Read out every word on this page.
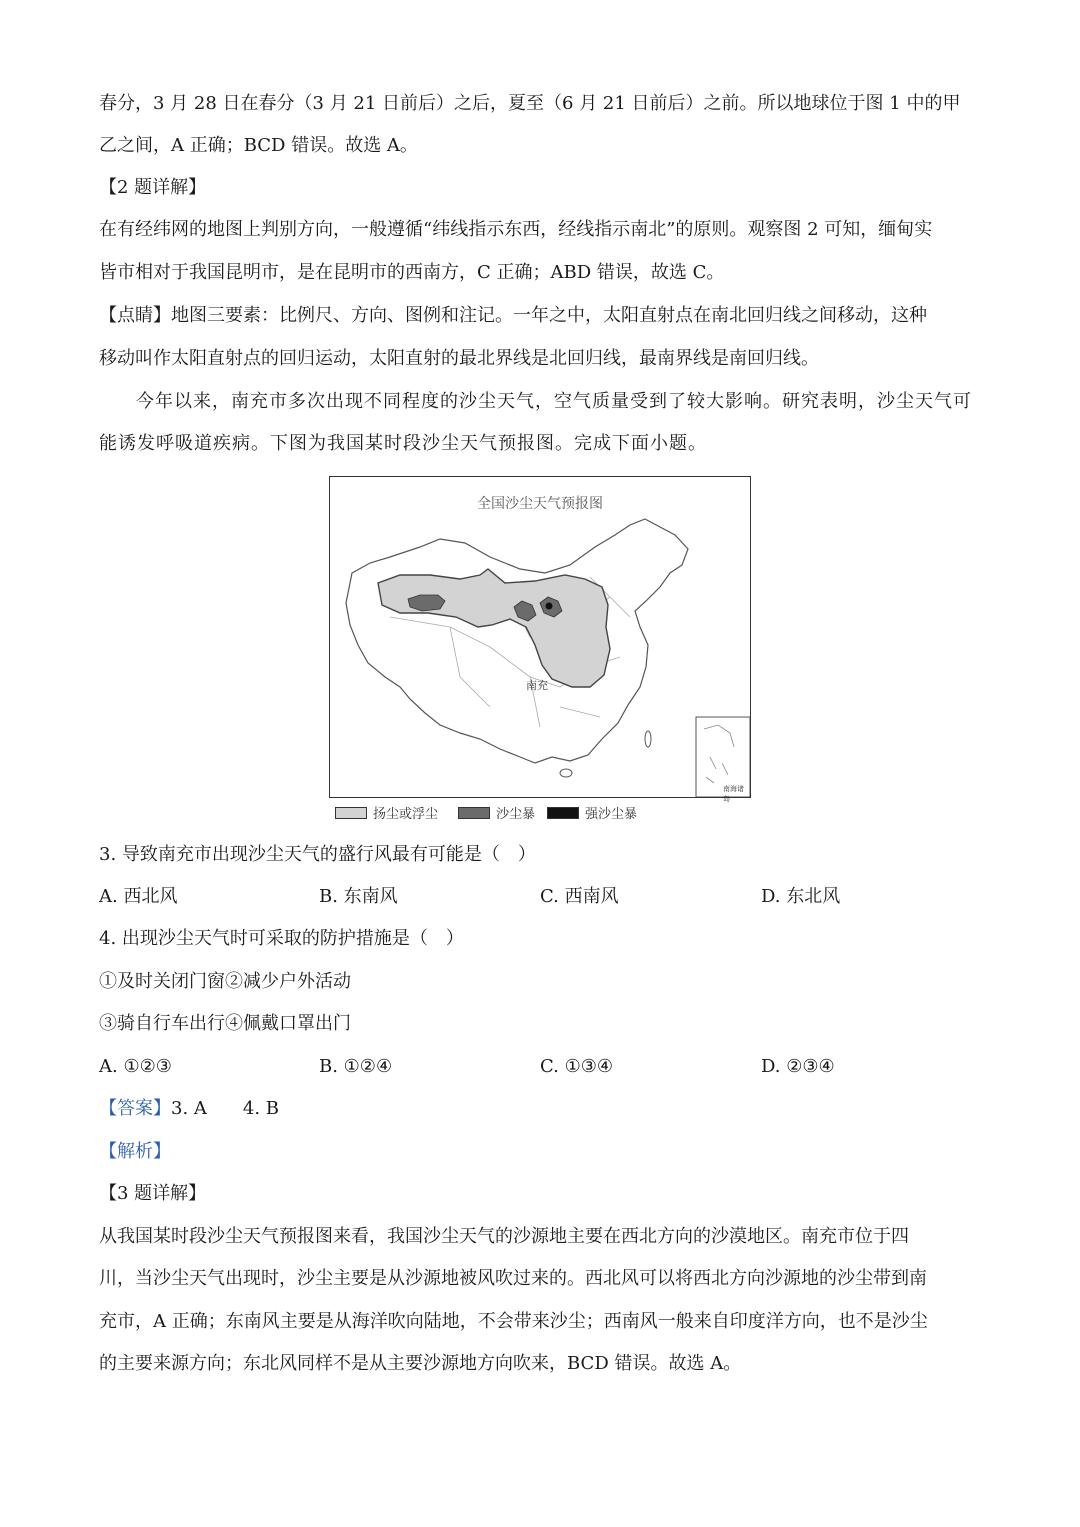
春分，3 月 28 日在春分（3 月 21 日前后）之后，夏至（6 月 21 日前后）之前。所以地球位于图 1 中的甲
乙之间，A 正确；BCD 错误。故选 A。
【2 题详解】
在有经纬网的地图上判别方向，一般遵循“纬线指示东西，经线指示南北”的原则。观察图 2 可知，缅甸实
皆市相对于我国昆明市，是在昆明市的西南方，C 正确；ABD 错误，故选 C。
【点睛】地图三要素：比例尺、方向、图例和注记。一年之中，太阳直射点在南北回归线之间移动，这种
移动叫作太阳直射点的回归运动，太阳直射的最北界线是北回归线，最南界线是南回归线。
今年以来，南充市多次出现不同程度的沙尘天气，空气质量受到了较大影响。研究表明，沙尘天气可
能诱发呼吸道疾病。下图为我国某时段沙尘天气预报图。完成下面小题。
全国沙尘天气预报图
南充
南海诸岛
扬尘或浮尘	沙尘暴	强沙尘暴
3. 导致南充市出现沙尘天气的盛行风最有可能是（　）
A. 西北风	B. 东南风	C. 西南风	D. 东北风
4. 出现沙尘天气时可采取的防护措施是（　）
①及时关闭门窗②减少户外活动
③骑自行车出行④佩戴口罩出门
A. ①②③	B. ①②④	C. ①③④	D. ②③④
【答案】3. A　　4. B
【解析】
【3 题详解】
从我国某时段沙尘天气预报图来看，我国沙尘天气的沙源地主要在西北方向的沙漠地区。南充市位于四
川，当沙尘天气出现时，沙尘主要是从沙源地被风吹过来的。西北风可以将西北方向沙源地的沙尘带到南
充市，A 正确；东南风主要是从海洋吹向陆地，不会带来沙尘；西南风一般来自印度洋方向，也不是沙尘
的主要来源方向；东北风同样不是从主要沙源地方向吹来，BCD 错误。故选 A。
